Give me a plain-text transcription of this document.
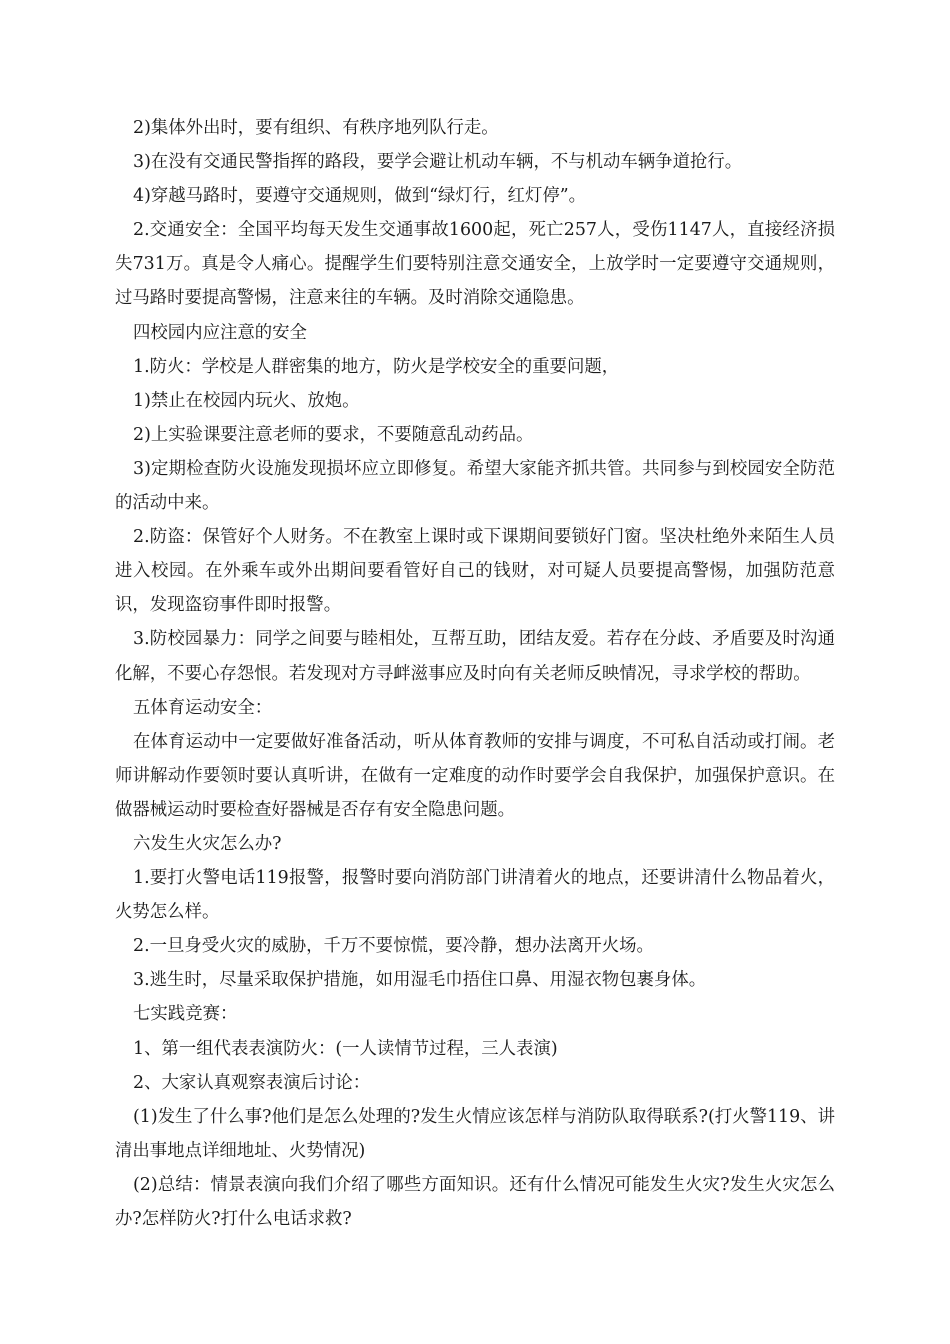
2)集体外出时，要有组织、有秩序地列队行走。

3)在没有交通民警指挥的路段，要学会避让机动车辆，不与机动车辆争道抢行。

4)穿越马路时，要遵守交通规则，做到“绿灯行，红灯停”。

2.交通安全：全国平均每天发生交通事故1600起，死亡257人，受伤1147人，直接经济损失731万。真是令人痛心。提醒学生们要特别注意交通安全，上放学时一定要遵守交通规则，过马路时要提高警惕，注意来往的车辆。及时消除交通隐患。

四校园内应注意的安全

1.防火：学校是人群密集的地方，防火是学校安全的重要问题，

1)禁止在校园内玩火、放炮。

2)上实验课要注意老师的要求，不要随意乱动药品。

3)定期检查防火设施发现损坏应立即修复。希望大家能齐抓共管。共同参与到校园安全防范的活动中来。

2.防盗：保管好个人财务。不在教室上课时或下课期间要锁好门窗。坚决杜绝外来陌生人员进入校园。在外乘车或外出期间要看管好自己的钱财，对可疑人员要提高警惕，加强防范意识，发现盗窃事件即时报警。

3.防校园暴力：同学之间要与睦相处，互帮互助，团结友爱。若存在分歧、矛盾要及时沟通化解，不要心存怨恨。若发现对方寻衅滋事应及时向有关老师反映情况，寻求学校的帮助。

五体育运动安全：

在体育运动中一定要做好准备活动，听从体育教师的安排与调度，不可私自活动或打闹。老师讲解动作要领时要认真听讲，在做有一定难度的动作时要学会自我保护，加强保护意识。在做器械运动时要检查好器械是否存有安全隐患问题。

六发生火灾怎么办?

1.要打火警电话119报警，报警时要向消防部门讲清着火的地点，还要讲清什么物品着火，火势怎么样。

2.一旦身受火灾的威胁，千万不要惊慌，要冷静，想办法离开火场。

3.逃生时，尽量采取保护措施，如用湿毛巾捂住口鼻、用湿衣物包裹身体。

七实践竞赛：

1、第一组代表表演防火：(一人读情节过程，三人表演)

2、大家认真观察表演后讨论：

(1)发生了什么事?他们是怎么处理的?发生火情应该怎样与消防队取得联系?(打火警119、讲清出事地点详细地址、火势情况)

(2)总结：情景表演向我们介绍了哪些方面知识。还有什么情况可能发生火灾?发生火灾怎么办?怎样防火?打什么电话求救?
